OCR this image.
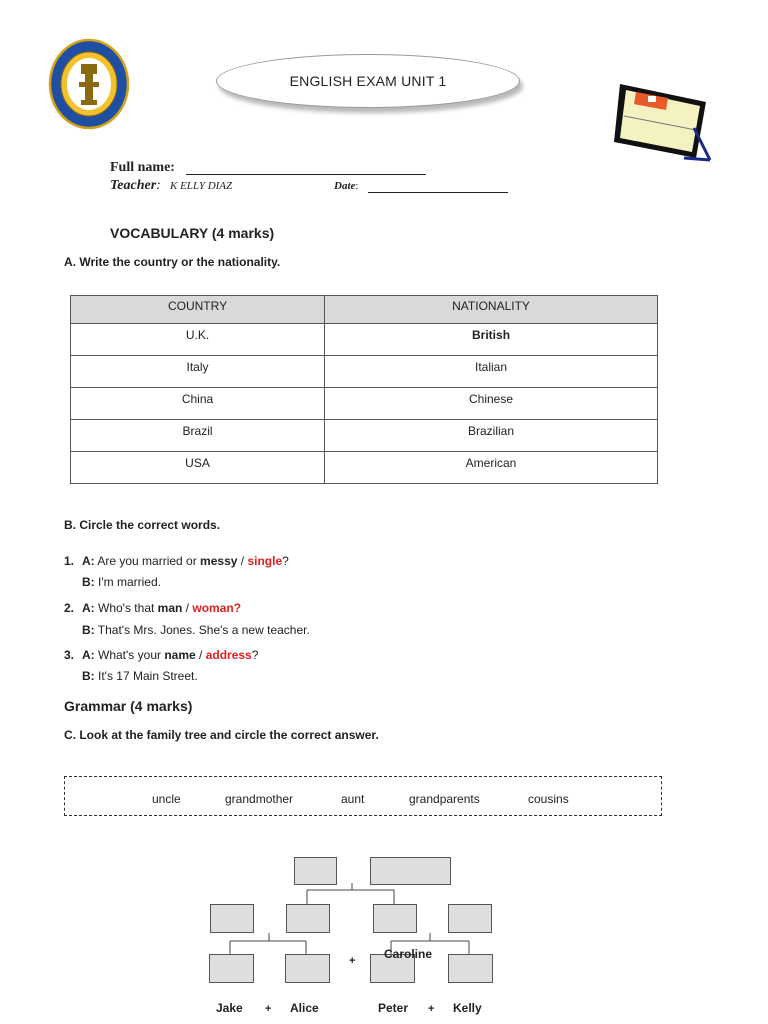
ENGLISH EXAM UNIT 1
Full name:
Teacher: K ELLY DIAZ	Date:
VOCABULARY (4 marks)
A. Write the country or the nationality.
COUNTRY	NATIONALITY
U.K.	British
Italy	Italian
China	Chinese
Brazil	Brazilian
USA	American
B. Circle the correct words.
1. A: Are you married or messy / single?
B: I'm married.
2. A: Who's that man / woman?
B: That's Mrs. Jones. She's a new teacher.
3. A: What's your name / address?
B: It's 17 Main Street.
Grammar (4 marks)
C. Look at the family tree and circle the correct answer.
uncle	grandmother	aunt	grandparents	cousins
Caroline
+
Jake + Alice	Peter + Kelly
